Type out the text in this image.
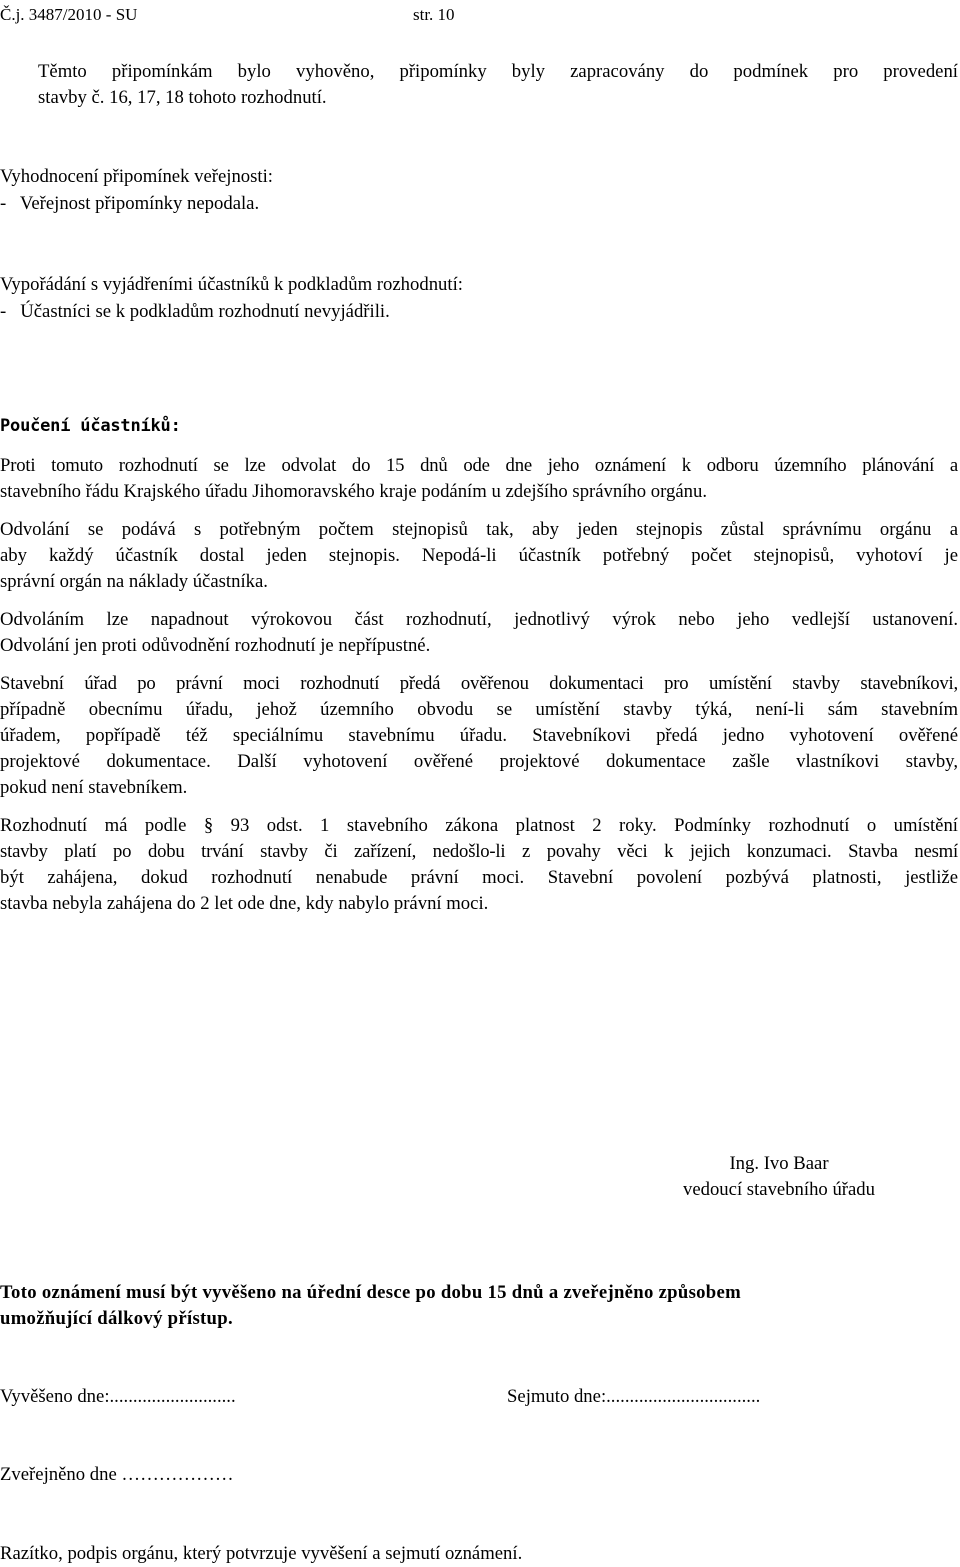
Č.j. 3487/2010 - SU	str. 10
Těmto připomínkám bylo vyhověno, připomínky byly zapracovány do podmínek pro provedení
stavby č. 16, 17, 18 tohoto rozhodnutí.
Vyhodnocení připomínek veřejnosti:
-   Veřejnost připomínky nepodala.
Vypořádání s vyjádřeními účastníků k podkladům rozhodnutí:
-   Účastníci se k podkladům rozhodnutí nevyjádřili.
Poučení účastníků:
Proti tomuto rozhodnutí se lze odvolat do 15 dnů ode dne jeho oznámení k odboru územního plánování a
stavebního řádu Krajského úřadu Jihomoravského kraje podáním u zdejšího správního orgánu.
Odvolání se podává s potřebným počtem stejnopisů tak, aby jeden stejnopis zůstal správnímu orgánu a
aby každý účastník dostal jeden stejnopis. Nepodá-li účastník potřebný počet stejnopisů, vyhotoví je
správní orgán na náklady účastníka.
Odvoláním lze napadnout výrokovou část rozhodnutí, jednotlivý výrok nebo jeho vedlejší ustanovení.
Odvolání jen proti odůvodnění rozhodnutí je nepřípustné.
Stavební úřad po právní moci rozhodnutí předá ověřenou dokumentaci pro umístění stavby stavebníkovi,
případně obecnímu úřadu, jehož územního obvodu se umístění stavby týká, není-li sám stavebním
úřadem, popřípadě též speciálnímu stavebnímu úřadu. Stavebníkovi předá jedno vyhotovení ověřené
projektové dokumentace. Další vyhotovení ověřené projektové dokumentace zašle vlastníkovi stavby,
pokud není stavebníkem.
Rozhodnutí má podle § 93 odst. 1 stavebního zákona platnost 2 roky. Podmínky rozhodnutí o umístění
stavby platí po dobu trvání stavby či zařízení, nedošlo-li z povahy věci k jejich konzumaci. Stavba nesmí
být zahájena, dokud rozhodnutí nenabude právní moci. Stavební povolení pozbývá platnosti, jestliže
stavba nebyla zahájena do 2 let ode dne, kdy nabylo právní moci.
Ing. Ivo Baar
vedoucí stavebního úřadu
Toto oznámení musí být vyvěšeno na úřední desce po dobu 15 dnů a zveřejněno způsobem
umožňující dálkový přístup.
Vyvěšeno dne:...........................	Sejmuto dne:.................................
Zveřejněno dne ………………
Razítko, podpis orgánu, který potvrzuje vyvěšení a sejmutí oznámení.
